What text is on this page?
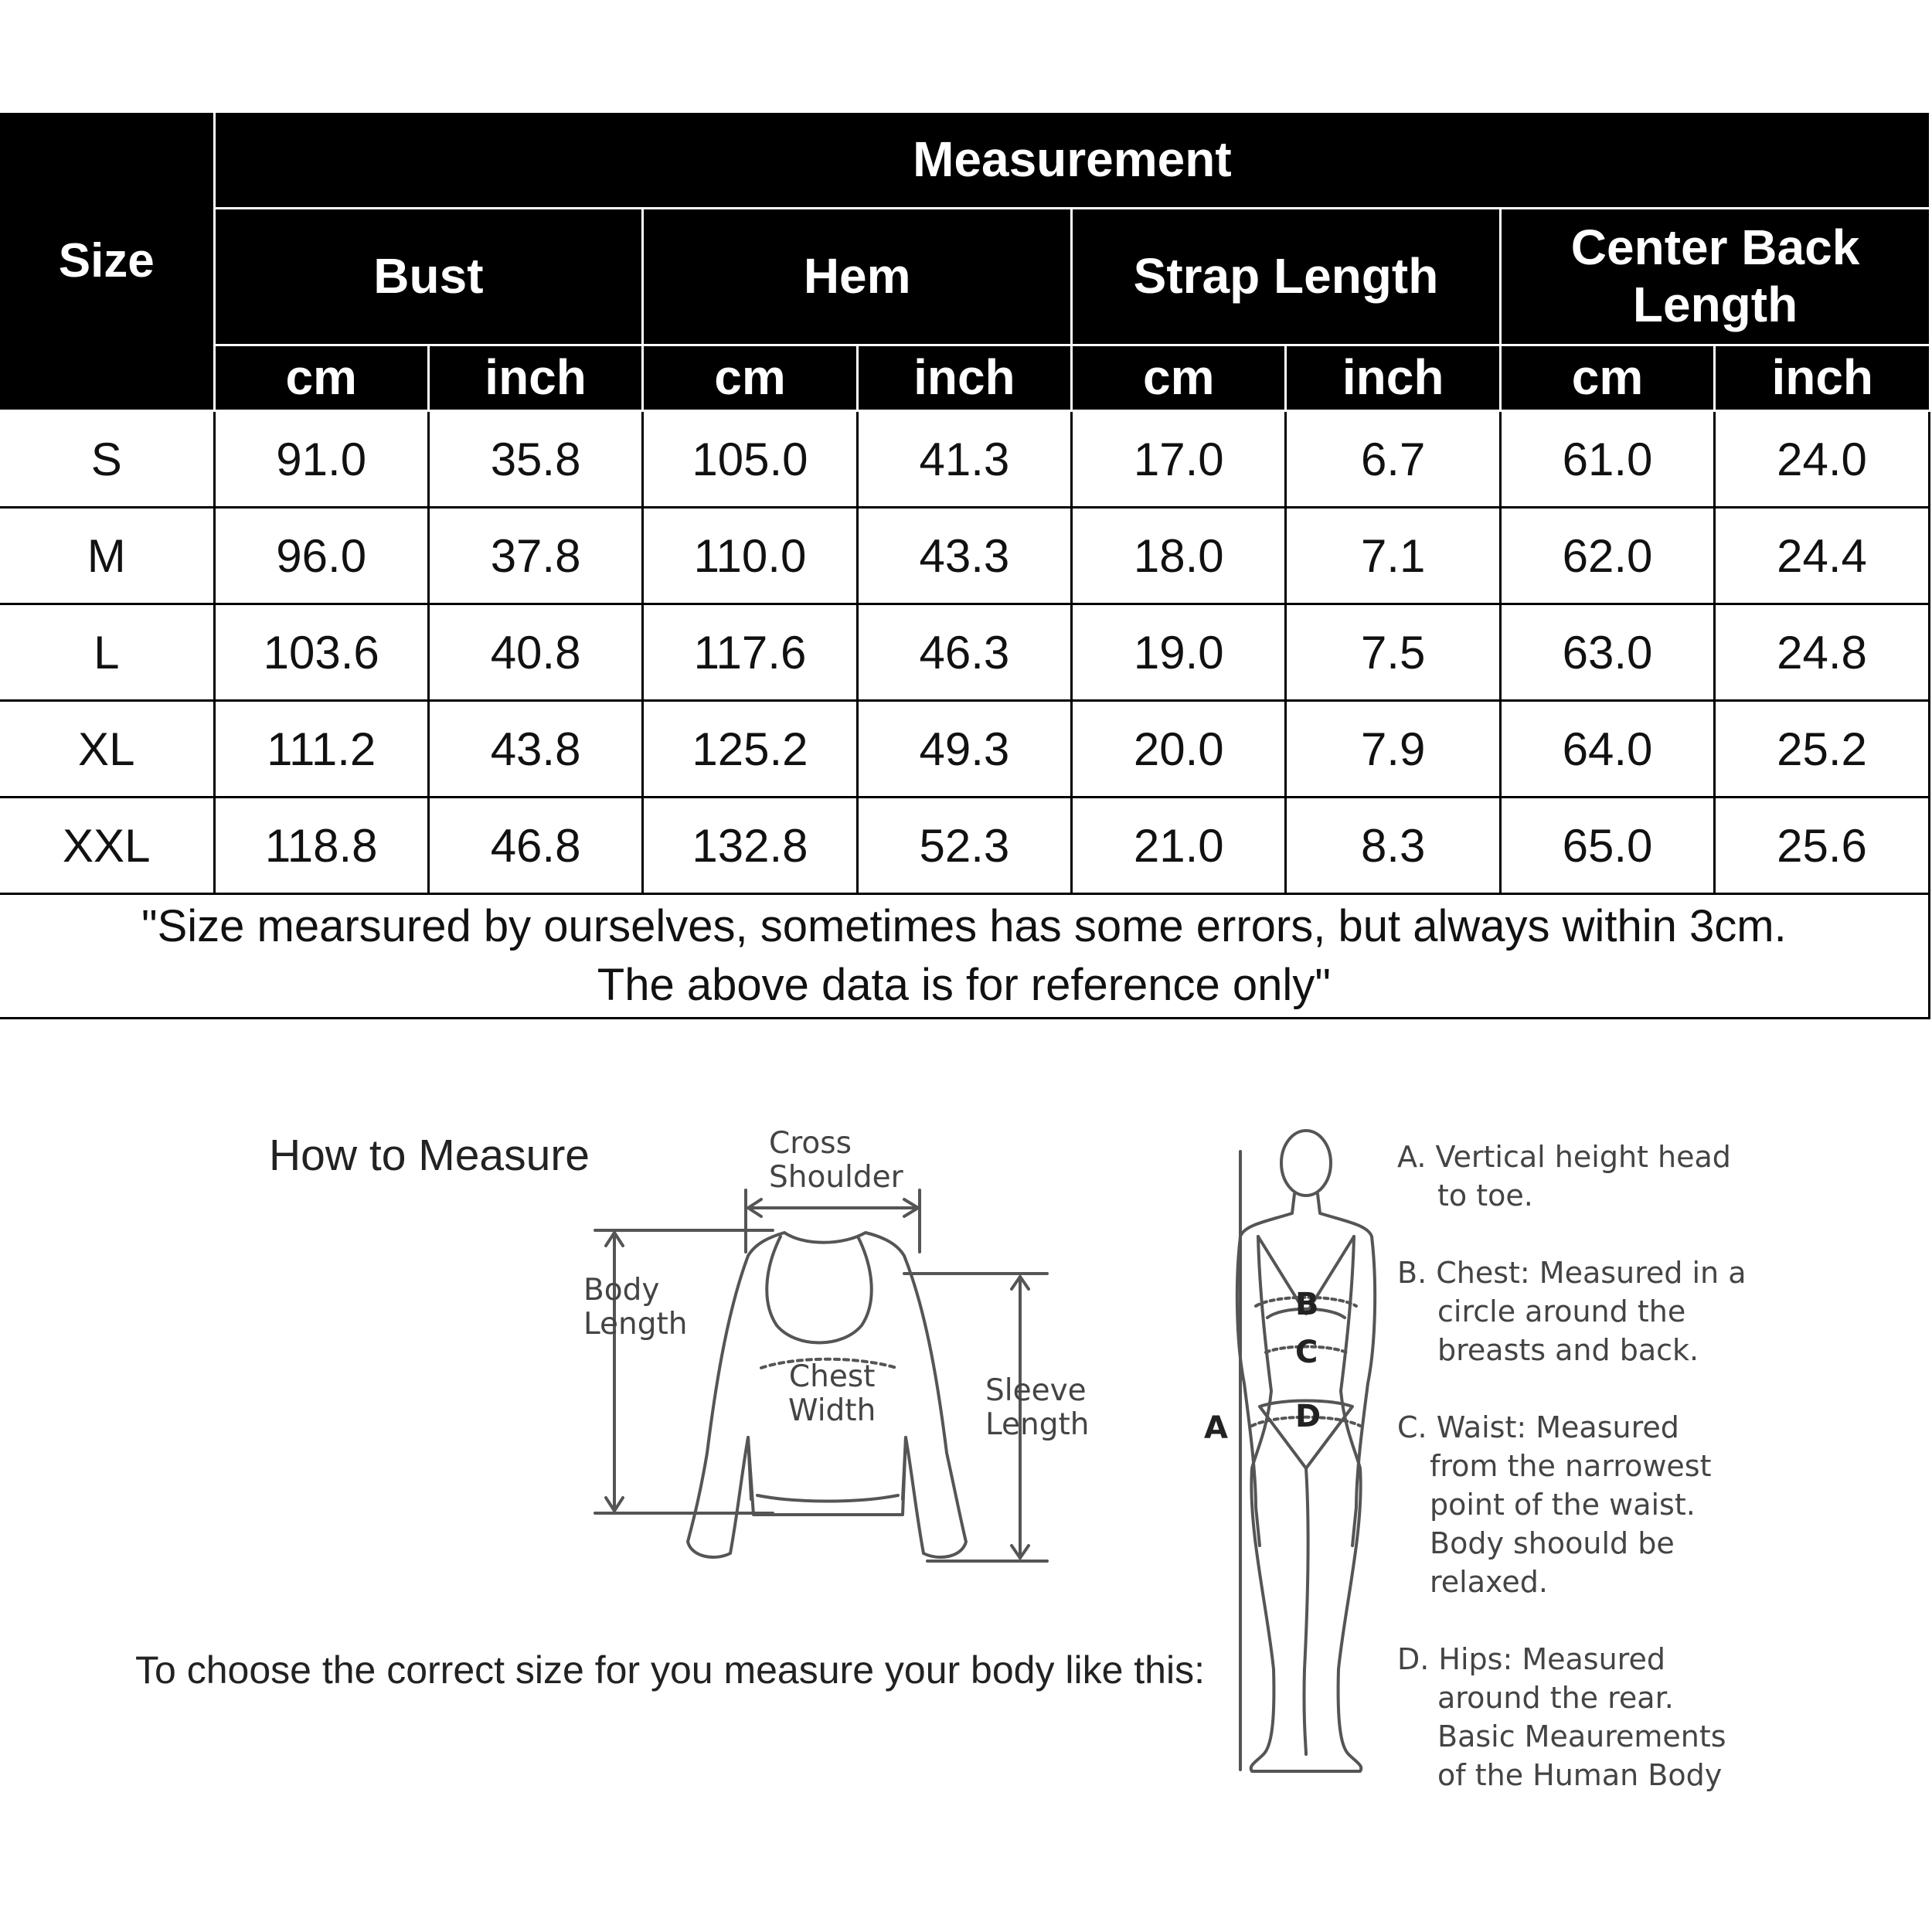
Size	Measurement							

	Bust		Hem		Strap Length		Center Back
Length	

	cm	inch	cm	inch	cm	inch	cm	inch
S	91.0	35.8	105.0	41.3	17.0	6.7	61.0	24.0
M	96.0	37.8	110.0	43.3	18.0	7.1	62.0	24.4
L	103.6	40.8	117.6	46.3	19.0	7.5	63.0	24.8
XL	111.2	43.8	125.2	49.3	20.0	7.9	64.0	25.2
XXL	118.8	46.8	132.8	52.3	21.0	8.3	65.0	25.6

"Size mearsured by ourselves, sometimes has some errors, but always within 3cm.
The above data is for reference only"								
How to Measure	Cross
Shoulder
Body
Length
Chest
Width
Sleeve
Length	A
B
C
D
A. Vertical height head
to toe.
B. Chest: Measured in a
circle around the
breasts and back.
C. Waist: Measured
from the narrowest
point of the waist.
Body shoould be
relaxed.
D. Hips: Measured
around the rear.
Basic Meaurements
of the Human Body
To choose the correct size for you measure your body like this:
